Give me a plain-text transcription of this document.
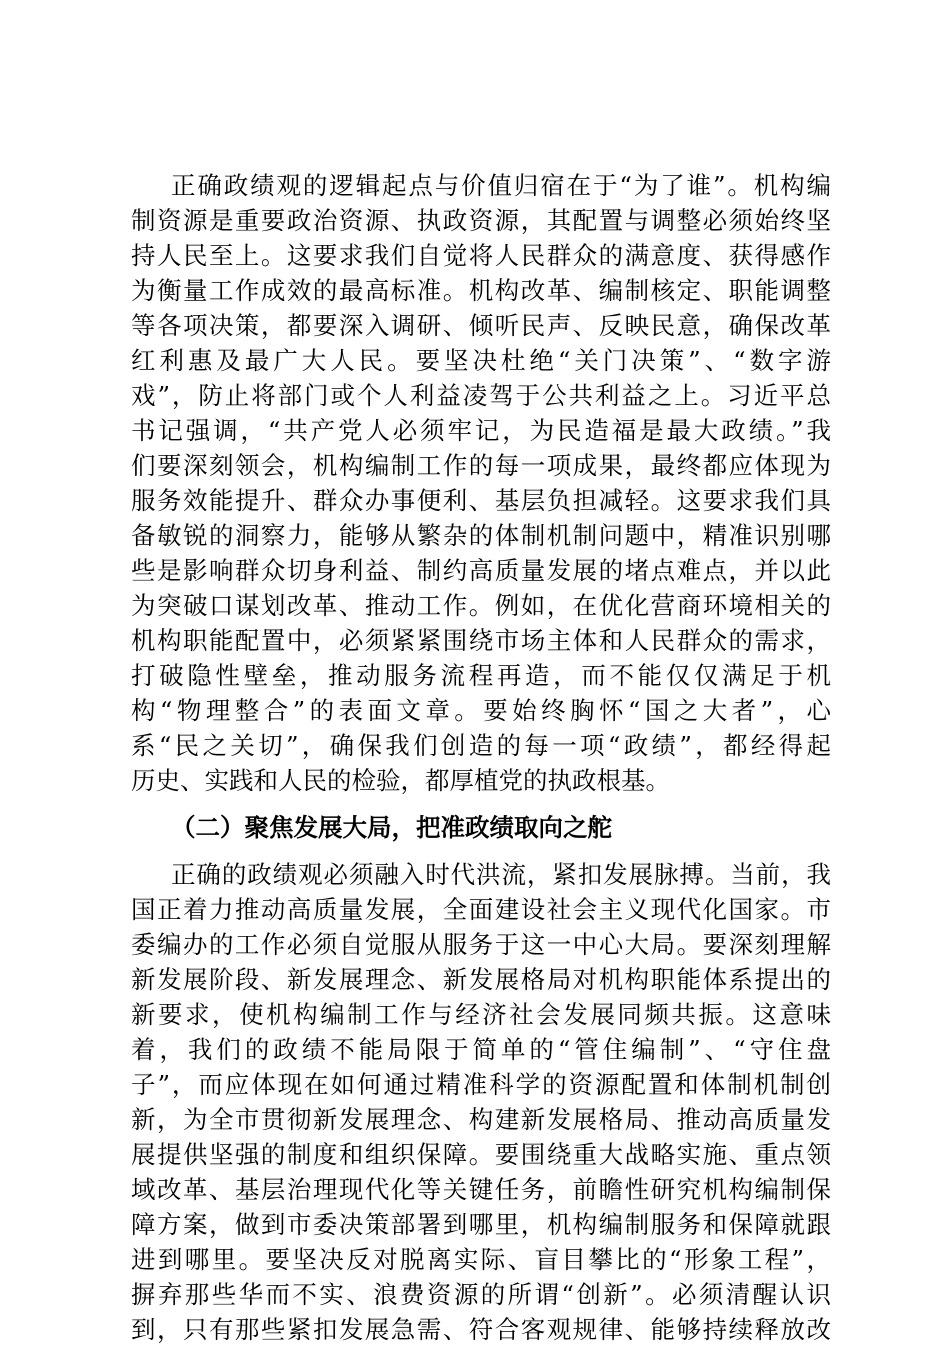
正确政绩观的逻辑起点与价值归宿在于“为了谁”。机构编
制资源是重要政治资源、执政资源，其配置与调整必须始终坚
持人民至上。这要求我们自觉将人民群众的满意度、获得感作
为衡量工作成效的最高标准。机构改革、编制核定、职能调整
等各项决策，都要深入调研、倾听民声、反映民意，确保改革
红利惠及最广大人民。要坚决杜绝“关门决策”、“数字游
戏”，防止将部门或个人利益凌驾于公共利益之上。习近平总
书记强调，“共产党人必须牢记，为民造福是最大政绩。”我
们要深刻领会，机构编制工作的每一项成果，最终都应体现为
服务效能提升、群众办事便利、基层负担减轻。这要求我们具
备敏锐的洞察力，能够从繁杂的体制机制问题中，精准识别哪
些是影响群众切身利益、制约高质量发展的堵点难点，并以此
为突破口谋划改革、推动工作。例如，在优化营商环境相关的
机构职能配置中，必须紧紧围绕市场主体和人民群众的需求，
打破隐性壁垒，推动服务流程再造，而不能仅仅满足于机
构“物理整合”的表面文章。要始终胸怀“国之大者”，心
系“民之关切”，确保我们创造的每一项“政绩”，都经得起
历史、实践和人民的检验，都厚植党的执政根基。
（二）聚焦发展大局，把准政绩取向之舵
正确的政绩观必须融入时代洪流，紧扣发展脉搏。当前，我
国正着力推动高质量发展，全面建设社会主义现代化国家。市
委编办的工作必须自觉服从服务于这一中心大局。要深刻理解
新发展阶段、新发展理念、新发展格局对机构职能体系提出的
新要求，使机构编制工作与经济社会发展同频共振。这意味
着，我们的政绩不能局限于简单的“管住编制”、“守住盘
子”，而应体现在如何通过精准科学的资源配置和体制机制创
新，为全市贯彻新发展理念、构建新发展格局、推动高质量发
展提供坚强的制度和组织保障。要围绕重大战略实施、重点领
域改革、基层治理现代化等关键任务，前瞻性研究机构编制保
障方案，做到市委决策部署到哪里，机构编制服务和保障就跟
进到哪里。要坚决反对脱离实际、盲目攀比的“形象工程”，
摒弃那些华而不实、浪费资源的所谓“创新”。必须清醒认识
到，只有那些紧扣发展急需、符合客观规律、能够持续释放改
